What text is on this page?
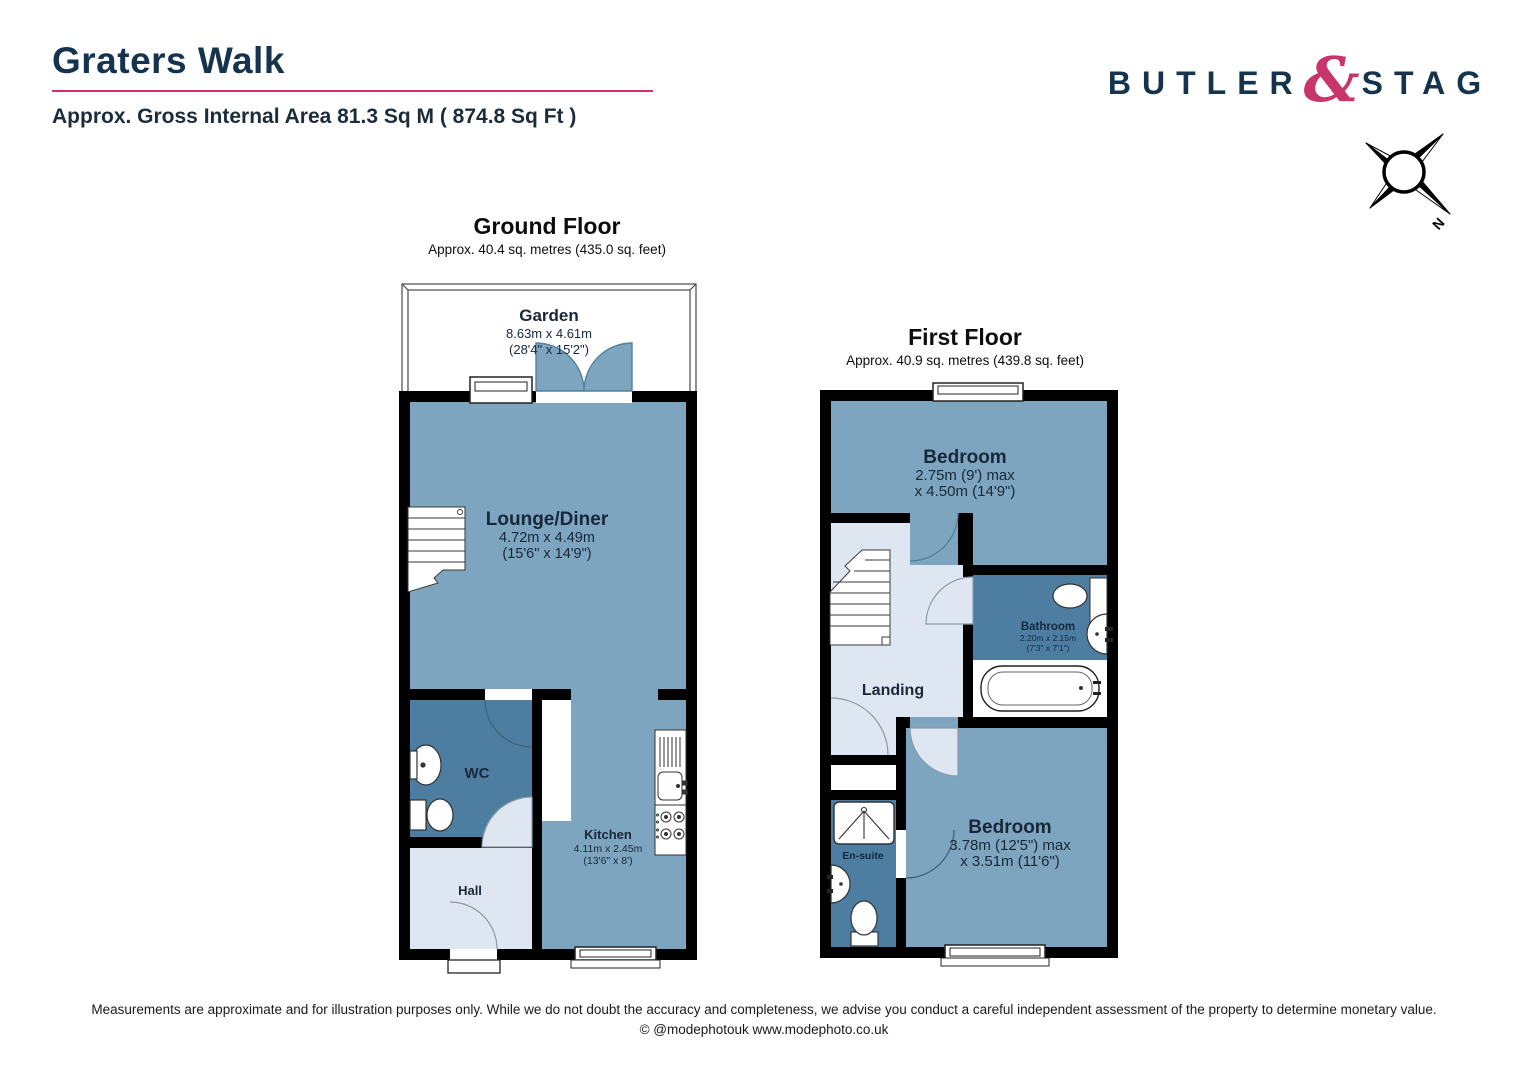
Graters Walk
Approx. Gross Internal Area 81.3 Sq M ( 874.8 Sq Ft )
BUTLER & STAG
N
Ground Floor
Approx. 40.4 sq. metres (435.0 sq. feet)
Garden
8.63m x 4.61m
(28'4" x 15'2")
Lounge/Diner
4.72m x 4.49m
(15'6" x 14'9")
WC
Hall
Kitchen
4.11m x 2.45m
(13'6" x 8')
First Floor
Approx. 40.9 sq. metres (439.8 sq. feet)
Bedroom
2.75m (9') max
x 4.50m (14'9")
Landing
Bathroom
2.20m x 2.15m
(7'3" x 7'1")
En-suite
Bedroom
3.78m (12'5") max
x 3.51m (11'6")
Measurements are approximate and for illustration purposes only. While we do not doubt the accuracy and completeness, we advise you conduct a careful independent assessment of the property to determine monetary value.
© @modephotouk www.modephoto.co.uk
